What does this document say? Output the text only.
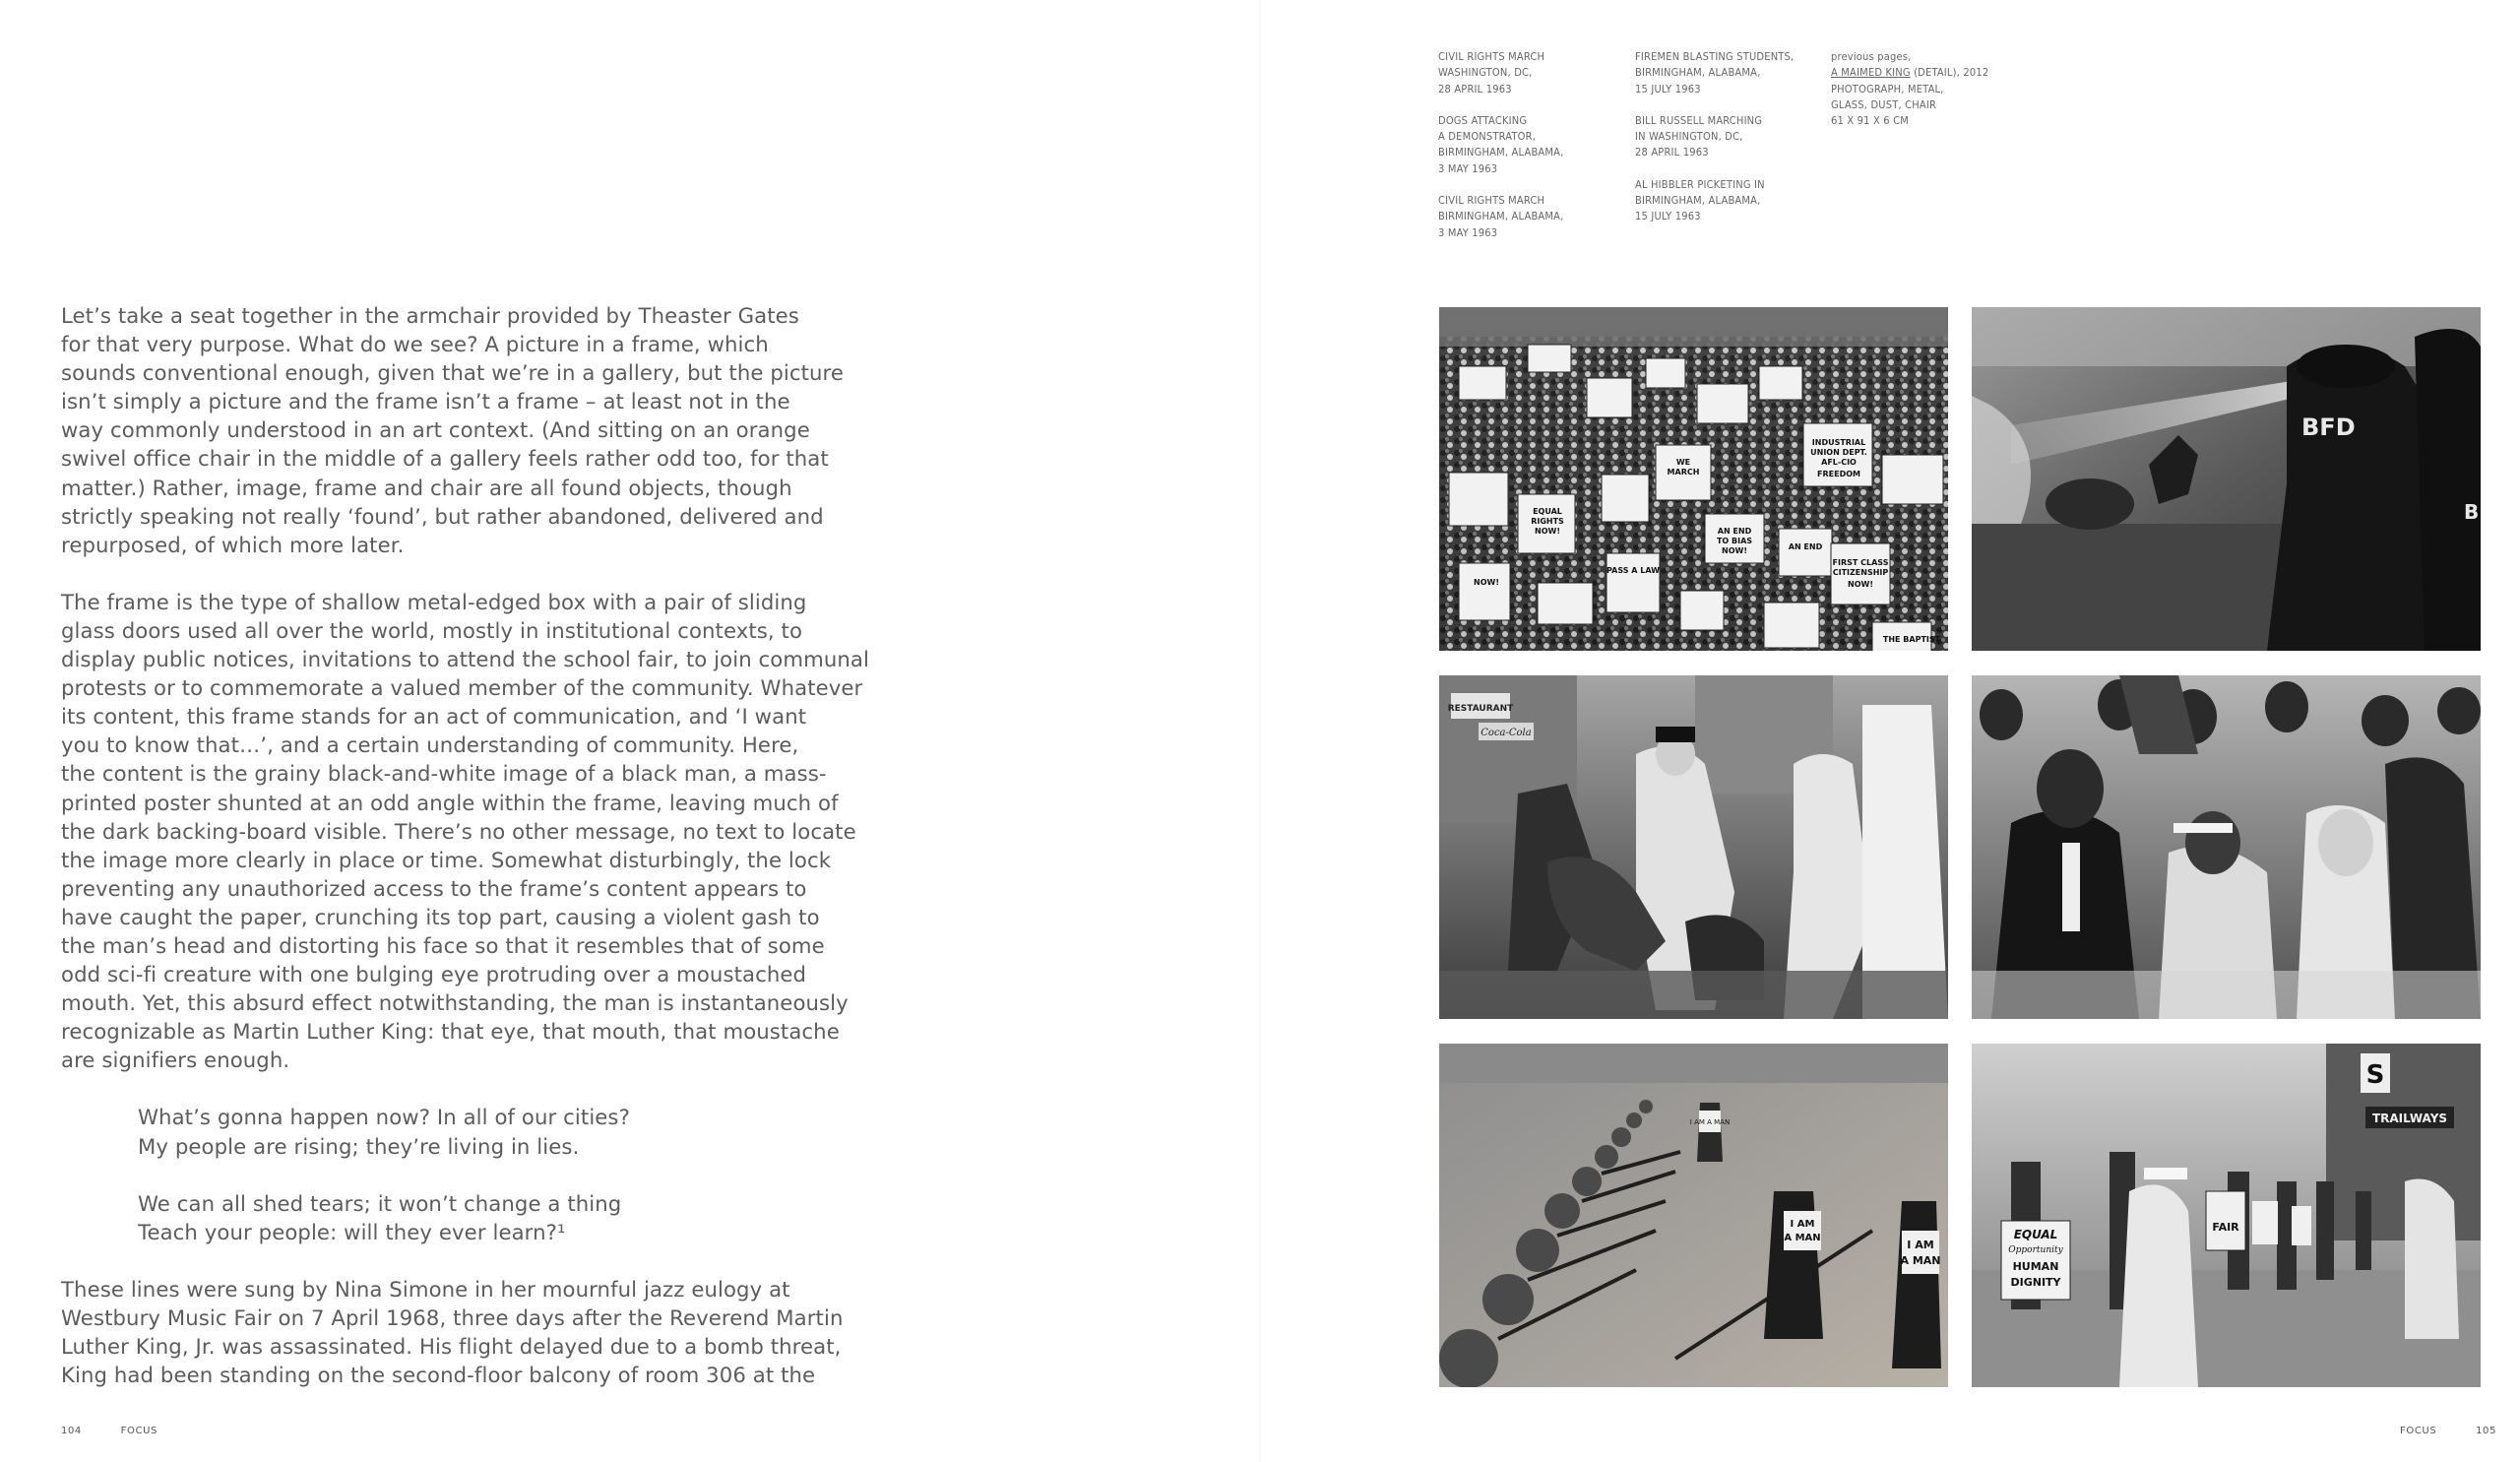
Let’s take a seat together in the armchair provided by Theaster Gates
for that very purpose. What do we see? A picture in a frame, which
sounds conventional enough, given that we’re in a gallery, but the picture
isn’t simply a picture and the frame isn’t a frame – at least not in the
way commonly understood in an art context. (And sitting on an orange
swivel office chair in the middle of a gallery feels rather odd too, for that
matter.) Rather, image, frame and chair are all found objects, though
strictly speaking not really ‘found’, but rather abandoned, delivered and
repurposed, of which more later.

The frame is the type of shallow metal-edged box with a pair of sliding
glass doors used all over the world, mostly in institutional contexts, to
display public notices, invitations to attend the school fair, to join communal
protests or to commemorate a valued member of the community. Whatever
its content, this frame stands for an act of communication, and ‘I want
you to know that…’, and a certain understanding of community. Here,
the content is the grainy black-and-white image of a black man, a mass-
printed poster shunted at an odd angle within the frame, leaving much of
the dark backing-board visible. There’s no other message, no text to locate
the image more clearly in place or time. Somewhat disturbingly, the lock
preventing any unauthorized access to the frame’s content appears to
have caught the paper, crunching its top part, causing a violent gash to
the man’s head and distorting his face so that it resembles that of some
odd sci-fi creature with one bulging eye protruding over a moustached
mouth. Yet, this absurd effect notwithstanding, the man is instantaneously
recognizable as Martin Luther King: that eye, that mouth, that moustache
are signifiers enough.

What’s gonna happen now? In all of our cities?
My people are rising; they’re living in lies.
We can all shed tears; it won’t change a thing
Teach your people: will they ever learn?¹

These lines were sung by Nina Simone in her mournful jazz eulogy at
Westbury Music Fair on 7 April 1968, three days after the Reverend Martin
Luther King, Jr. was assassinated. His flight delayed due to a bomb threat,
King had been standing on the second-floor balcony of room 306 at the

104	FOCUS
CIVIL RIGHTS MARCH
WASHINGTON, DC,
28 APRIL 1963
DOGS ATTACKING
A DEMONSTRATOR,
BIRMINGHAM, ALABAMA,
3 MAY 1963
CIVIL RIGHTS MARCH
BIRMINGHAM, ALABAMA,
3 MAY 1963
FIREMEN BLASTING STUDENTS,
BIRMINGHAM, ALABAMA,
15 JULY 1963
BILL RUSSELL MARCHING
IN WASHINGTON, DC,
28 APRIL 1963
AL HIBBLER PICKETING IN
BIRMINGHAM, ALABAMA,
15 JULY 1963
previous pages,
A MAIMED KING (DETAIL), 2012
PHOTOGRAPH, METAL,
GLASS, DUST, CHAIR
61 X 91 X 6 CM
INDUSTRIAL
UNION DEPT.
AFL-CIO
FREEDOM
EQUAL
RIGHTS
NOW!
WE
MARCH
AN END
TO BIAS
NOW!
FIRST CLASS
CITIZENSHIP
NOW!
PASS A LAW
THE BAPTIST
NOW!
AN END
BFD
B
RESTAURANT
Coca-Cola
I AM
A MAN
I AM
A MAN
I AM A MAN
S
TRAILWAYS
EQUAL
Opportunity
HUMAN
DIGNITY
FAIR
FOCUS	105
